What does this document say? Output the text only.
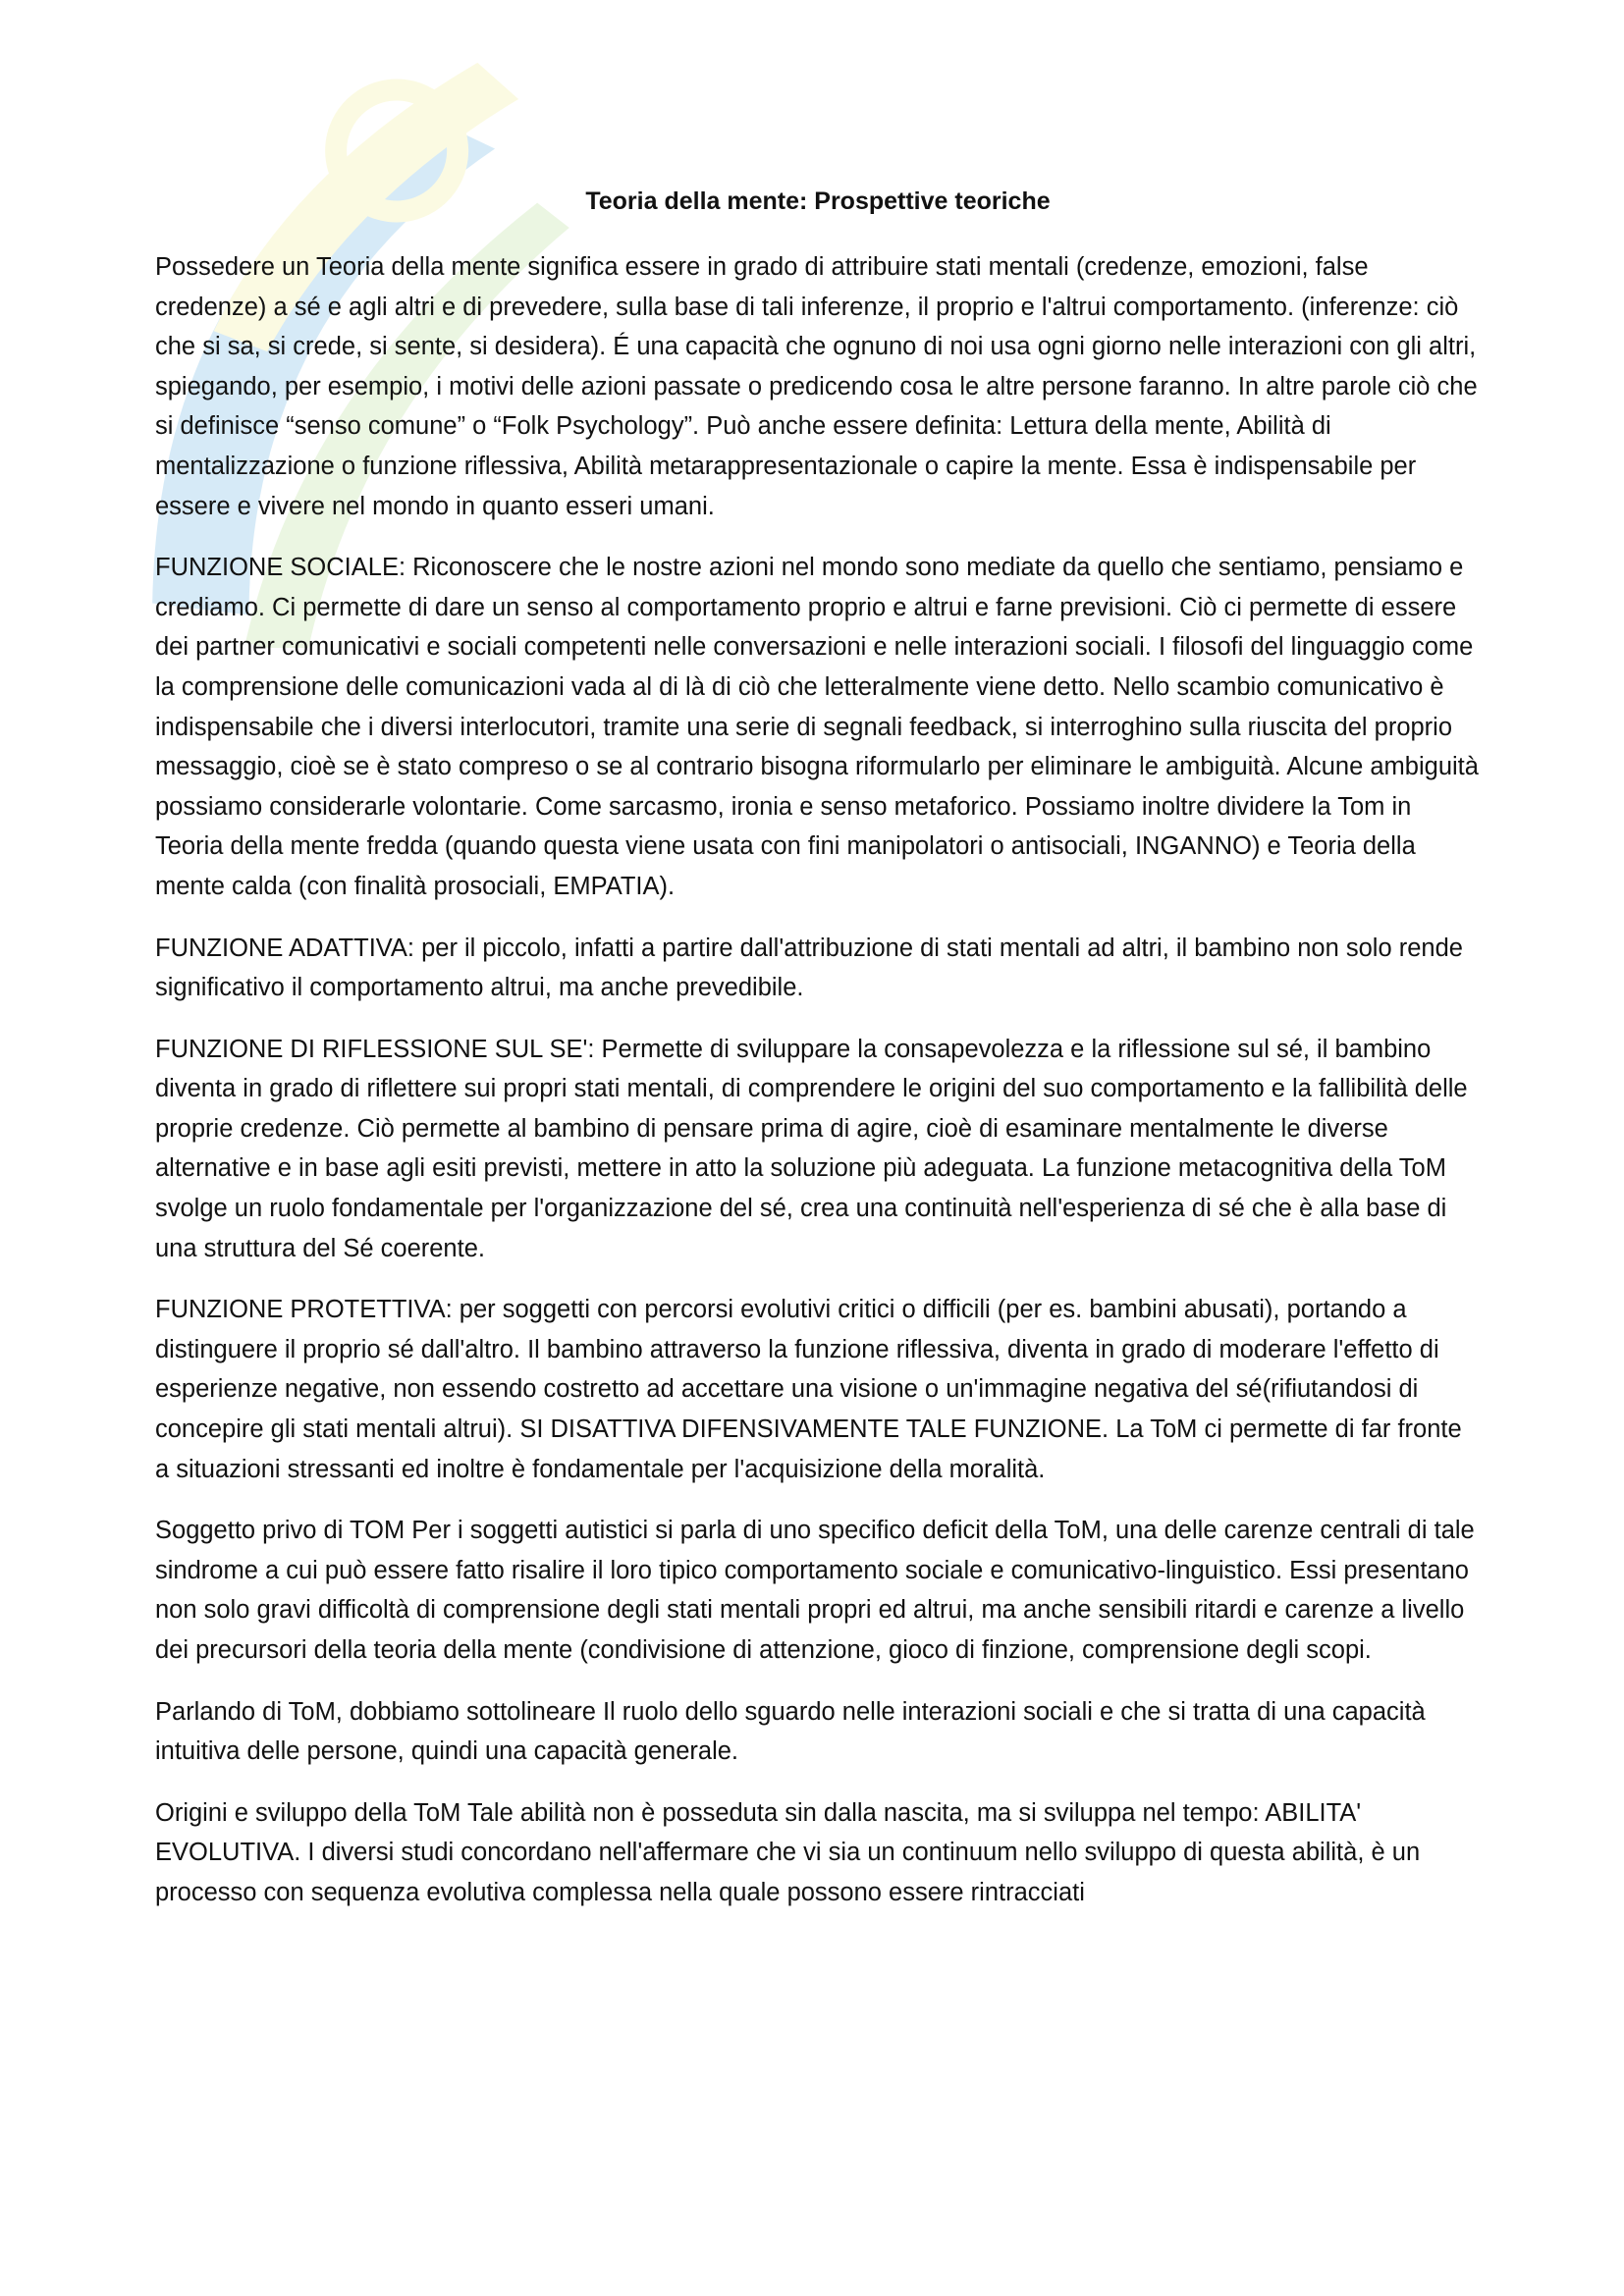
Teoria della mente: Prospettive teoriche

Possedere un Teoria della mente significa essere in grado di attribuire stati mentali (credenze, emozioni, false credenze) a sé e agli altri e di prevedere, sulla base di tali inferenze, il proprio e l'altrui comportamento. (inferenze: ciò che si sa, si crede, si sente, si desidera). É una capacità che ognuno di noi usa ogni giorno nelle interazioni con gli altri, spiegando, per esempio, i motivi delle azioni passate o predicendo cosa le altre persone faranno. In altre parole ciò che si definisce “senso comune” o “Folk Psychology”. Può anche essere definita: Lettura della mente, Abilità di mentalizzazione o funzione riflessiva, Abilità metarappresentazionale o capire la mente. Essa è indispensabile per essere e vivere nel mondo in quanto esseri umani.

FUNZIONE SOCIALE: Riconoscere che le nostre azioni nel mondo sono mediate da quello che sentiamo, pensiamo e crediamo. Ci permette di dare un senso al comportamento proprio e altrui e farne previsioni. Ciò ci permette di essere dei partner comunicativi e sociali competenti nelle conversazioni e nelle interazioni sociali. I filosofi del linguaggio come la comprensione delle comunicazioni vada al di là di ciò che letteralmente viene detto. Nello scambio comunicativo è indispensabile che i diversi interlocutori, tramite una serie di segnali feedback, si interroghino sulla riuscita del proprio messaggio, cioè se è stato compreso o se al contrario bisogna riformularlo per eliminare le ambiguità. Alcune ambiguità possiamo considerarle volontarie. Come sarcasmo, ironia e senso metaforico. Possiamo inoltre dividere la Tom in Teoria della mente fredda (quando questa viene usata con fini manipolatori o antisociali, INGANNO) e Teoria della mente calda (con finalità prosociali, EMPATIA).

FUNZIONE ADATTIVA: per il piccolo, infatti a partire dall'attribuzione di stati mentali ad altri, il bambino non solo rende significativo il comportamento altrui, ma anche prevedibile.

FUNZIONE DI RIFLESSIONE SUL SE': Permette di sviluppare la consapevolezza e la riflessione sul sé, il bambino diventa in grado di riflettere sui propri stati mentali, di comprendere le origini del suo comportamento e la fallibilità delle proprie credenze. Ciò permette al bambino di pensare prima di agire, cioè di esaminare mentalmente le diverse alternative e in base agli esiti previsti, mettere in atto la soluzione più adeguata. La funzione metacognitiva della ToM svolge un ruolo fondamentale per l'organizzazione del sé, crea una continuità nell'esperienza di sé che è alla base di una struttura del Sé coerente.

FUNZIONE PROTETTIVA: per soggetti con percorsi evolutivi critici o difficili (per es. bambini abusati), portando a distinguere il proprio sé dall'altro. Il bambino attraverso la funzione riflessiva, diventa in grado di moderare l'effetto di esperienze negative, non essendo costretto ad accettare una visione o un'immagine negativa del sé(rifiutandosi di concepire gli stati mentali altrui). SI DISATTIVA DIFENSIVAMENTE TALE FUNZIONE. La ToM ci permette di far fronte a situazioni stressanti ed inoltre è fondamentale per l'acquisizione della moralità.

Soggetto privo di TOM Per i soggetti autistici si parla di uno specifico deficit della ToM, una delle carenze centrali di tale sindrome a cui può essere fatto risalire il loro tipico comportamento sociale e comunicativo-linguistico. Essi presentano non solo gravi difficoltà di comprensione degli stati mentali propri ed altrui, ma anche sensibili ritardi e carenze a livello dei precursori della teoria della mente (condivisione di attenzione, gioco di finzione, comprensione degli scopi.

Parlando di ToM, dobbiamo sottolineare Il ruolo dello sguardo nelle interazioni sociali e che si tratta di una capacità intuitiva delle persone, quindi una capacità generale.

Origini e sviluppo della ToM Tale abilità non è posseduta sin dalla nascita, ma si sviluppa nel tempo: ABILITA' EVOLUTIVA. I diversi studi concordano nell'affermare che vi sia un continuum nello sviluppo di questa abilità, è un processo con sequenza evolutiva complessa nella quale possono essere rintracciati
